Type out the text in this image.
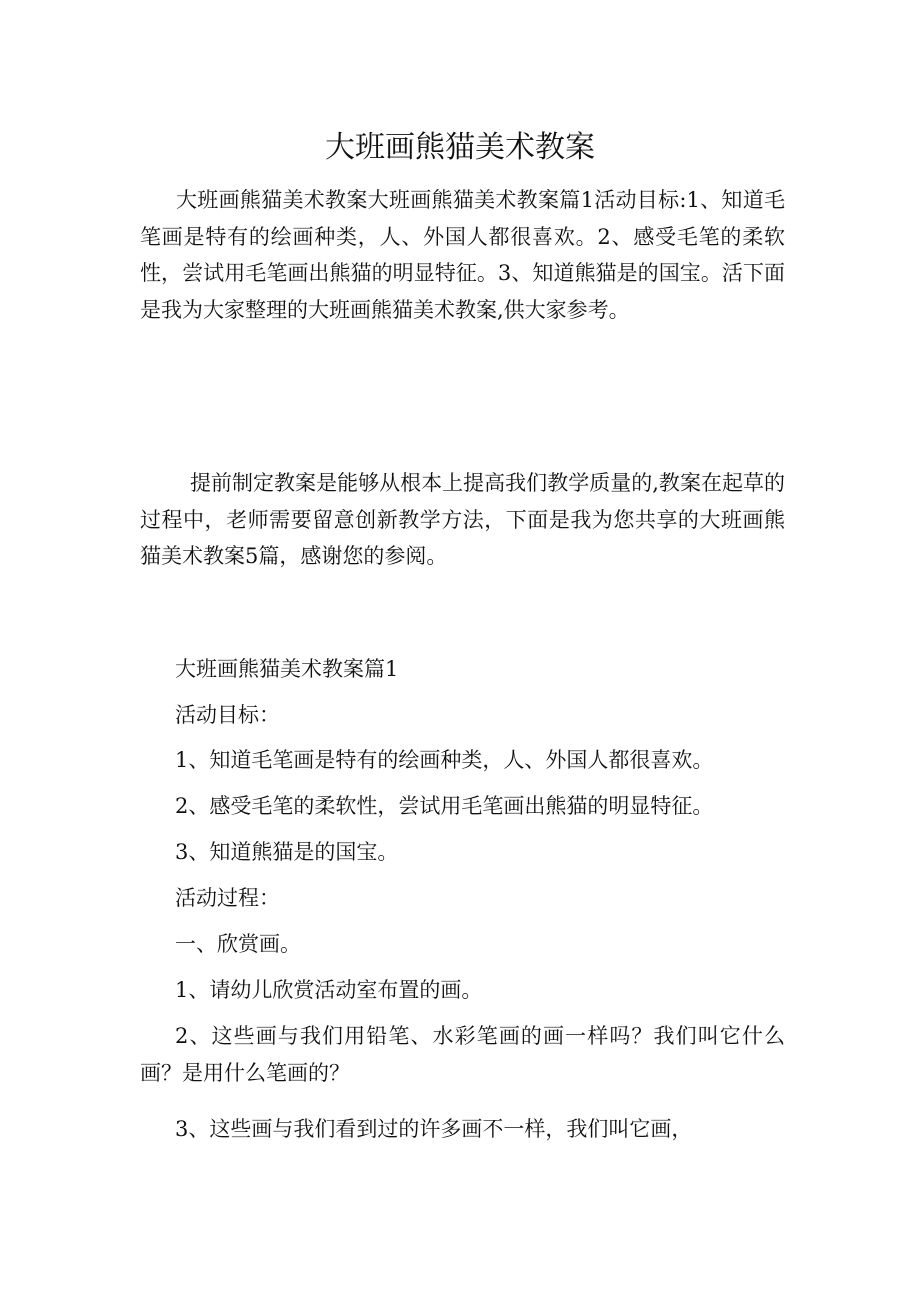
大班画熊猫美术教案

大班画熊猫美术教案大班画熊猫美术教案篇1活动目标:1、知道毛笔画是特有的绘画种类，人、外国人都很喜欢。2、感受毛笔的柔软性，尝试用毛笔画出熊猫的明显特征。3、知道熊猫是的国宝。活下面是我为大家整理的大班画熊猫美术教案,供大家参考。

提前制定教案是能够从根本上提高我们教学质量的,教案在起草的过程中，老师需要留意创新教学方法，下面是我为您共享的大班画熊猫美术教案5篇，感谢您的参阅。

大班画熊猫美术教案篇1

活动目标：

1、知道毛笔画是特有的绘画种类，人、外国人都很喜欢。

2、感受毛笔的柔软性，尝试用毛笔画出熊猫的明显特征。

3、知道熊猫是的国宝。

活动过程：

一、欣赏画。

1、请幼儿欣赏活动室布置的画。

2、这些画与我们用铅笔、水彩笔画的画一样吗？我们叫它什么画？是用什么笔画的？

3、这些画与我们看到过的许多画不一样，我们叫它画，
